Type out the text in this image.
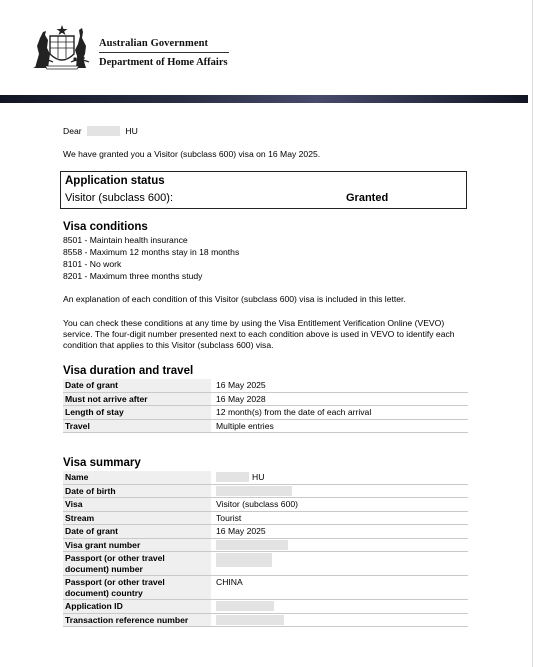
Australian Government
Department of Home Affairs
Dear	HU
We have granted you a Visitor (subclass 600) visa on 16 May 2025.
Application status
Visitor (subclass 600):	Granted
Visa conditions
8501 - Maintain health insurance
8558 - Maximum 12 months stay in 18 months
8101 - No work
8201 - Maximum three months study
An explanation of each condition of this Visitor (subclass 600) visa is included in this letter.
You can check these conditions at any time by using the Visa Entitlement Verification Online (VEVO) service. The four-digit number presented next to each condition above is used in VEVO to identify each condition that applies to this Visitor (subclass 600) visa.
Visa duration and travel
Date of grant	16 May 2025
Must not arrive after	16 May 2028
Length of stay	12 month(s) from the date of each arrival
Travel	Multiple entries
Visa summary
Name	HU
Date of birth	
Visa	Visitor (subclass 600)
Stream	Tourist
Date of grant	16 May 2025
Visa grant number	
Passport (or other travel document) number	
Passport (or other travel document) country	CHINA
Application ID	
Transaction reference number	
